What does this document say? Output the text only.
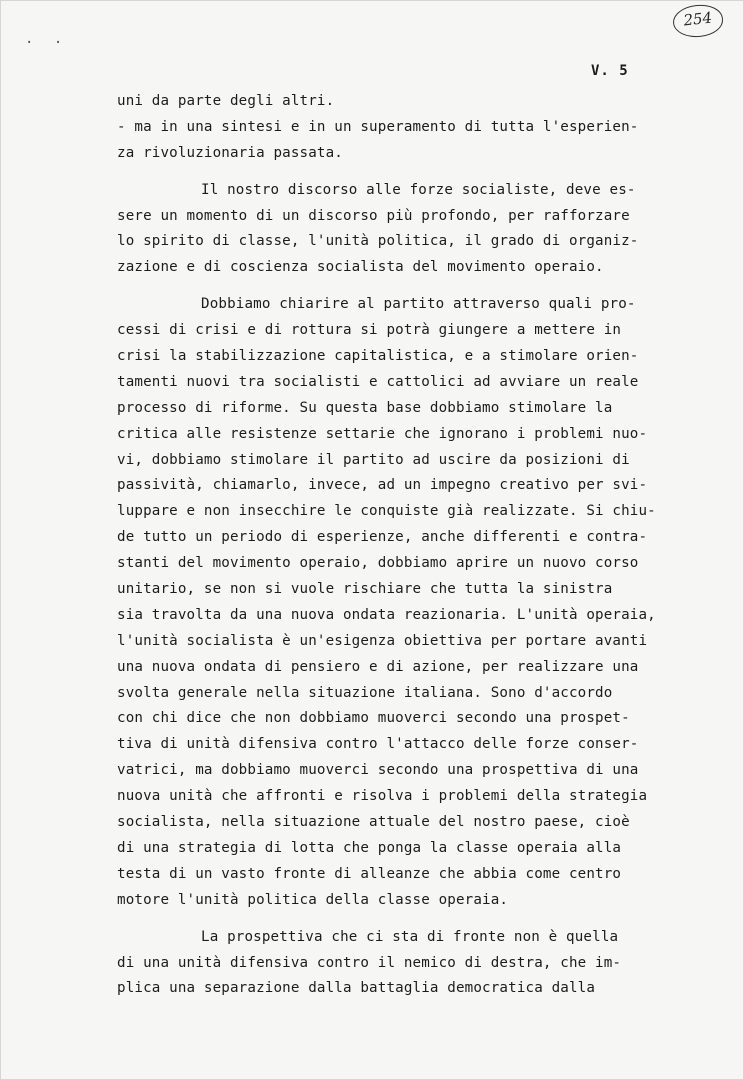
· ·
254
V. 5
uni da parte degli altri.
- ma in una sintesi e in un superamento di tutta l'esperien-
za rivoluzionaria passata.
Il nostro discorso alle forze socialiste, deve es-
sere un momento di un discorso più profondo, per rafforzare
lo spirito di classe, l'unità politica, il grado di organiz-
zazione e di coscienza socialista del movimento operaio.
Dobbiamo chiarire al partito attraverso quali pro-
cessi di crisi e di rottura si potrà giungere a mettere in
crisi la stabilizzazione capitalistica, e a stimolare orien-
tamenti nuovi tra socialisti e cattolici ad avviare un reale
processo di riforme. Su questa base dobbiamo stimolare la
critica alle resistenze settarie che ignorano i problemi nuo-
vi, dobbiamo stimolare il partito ad uscire da posizioni di
passività, chiamarlo, invece, ad un impegno creativo per svi-
luppare e non insecchire le conquiste già realizzate. Si chiu-
de tutto un periodo di esperienze, anche differenti e contra-
stanti del movimento operaio, dobbiamo aprire un nuovo corso
unitario, se non si vuole rischiare che tutta la sinistra
sia travolta da una nuova ondata reazionaria. L'unità operaia,
l'unità socialista è un'esigenza obiettiva per portare avanti
una nuova ondata di pensiero e di azione, per realizzare una
svolta generale nella situazione italiana. Sono d'accordo
con chi dice che non dobbiamo muoverci secondo una prospet-
tiva di unità difensiva contro l'attacco delle forze conser-
vatrici, ma dobbiamo muoverci secondo una prospettiva di una
nuova unità che affronti e risolva i problemi della strategia
socialista, nella situazione attuale del nostro paese, cioè
di una strategia di lotta che ponga la classe operaia alla
testa di un vasto fronte di alleanze che abbia come centro
motore l'unità politica della classe operaia.
La prospettiva che ci sta di fronte non è quella
di una unità difensiva contro il nemico di destra, che im-
plica una separazione dalla battaglia democratica dalla
